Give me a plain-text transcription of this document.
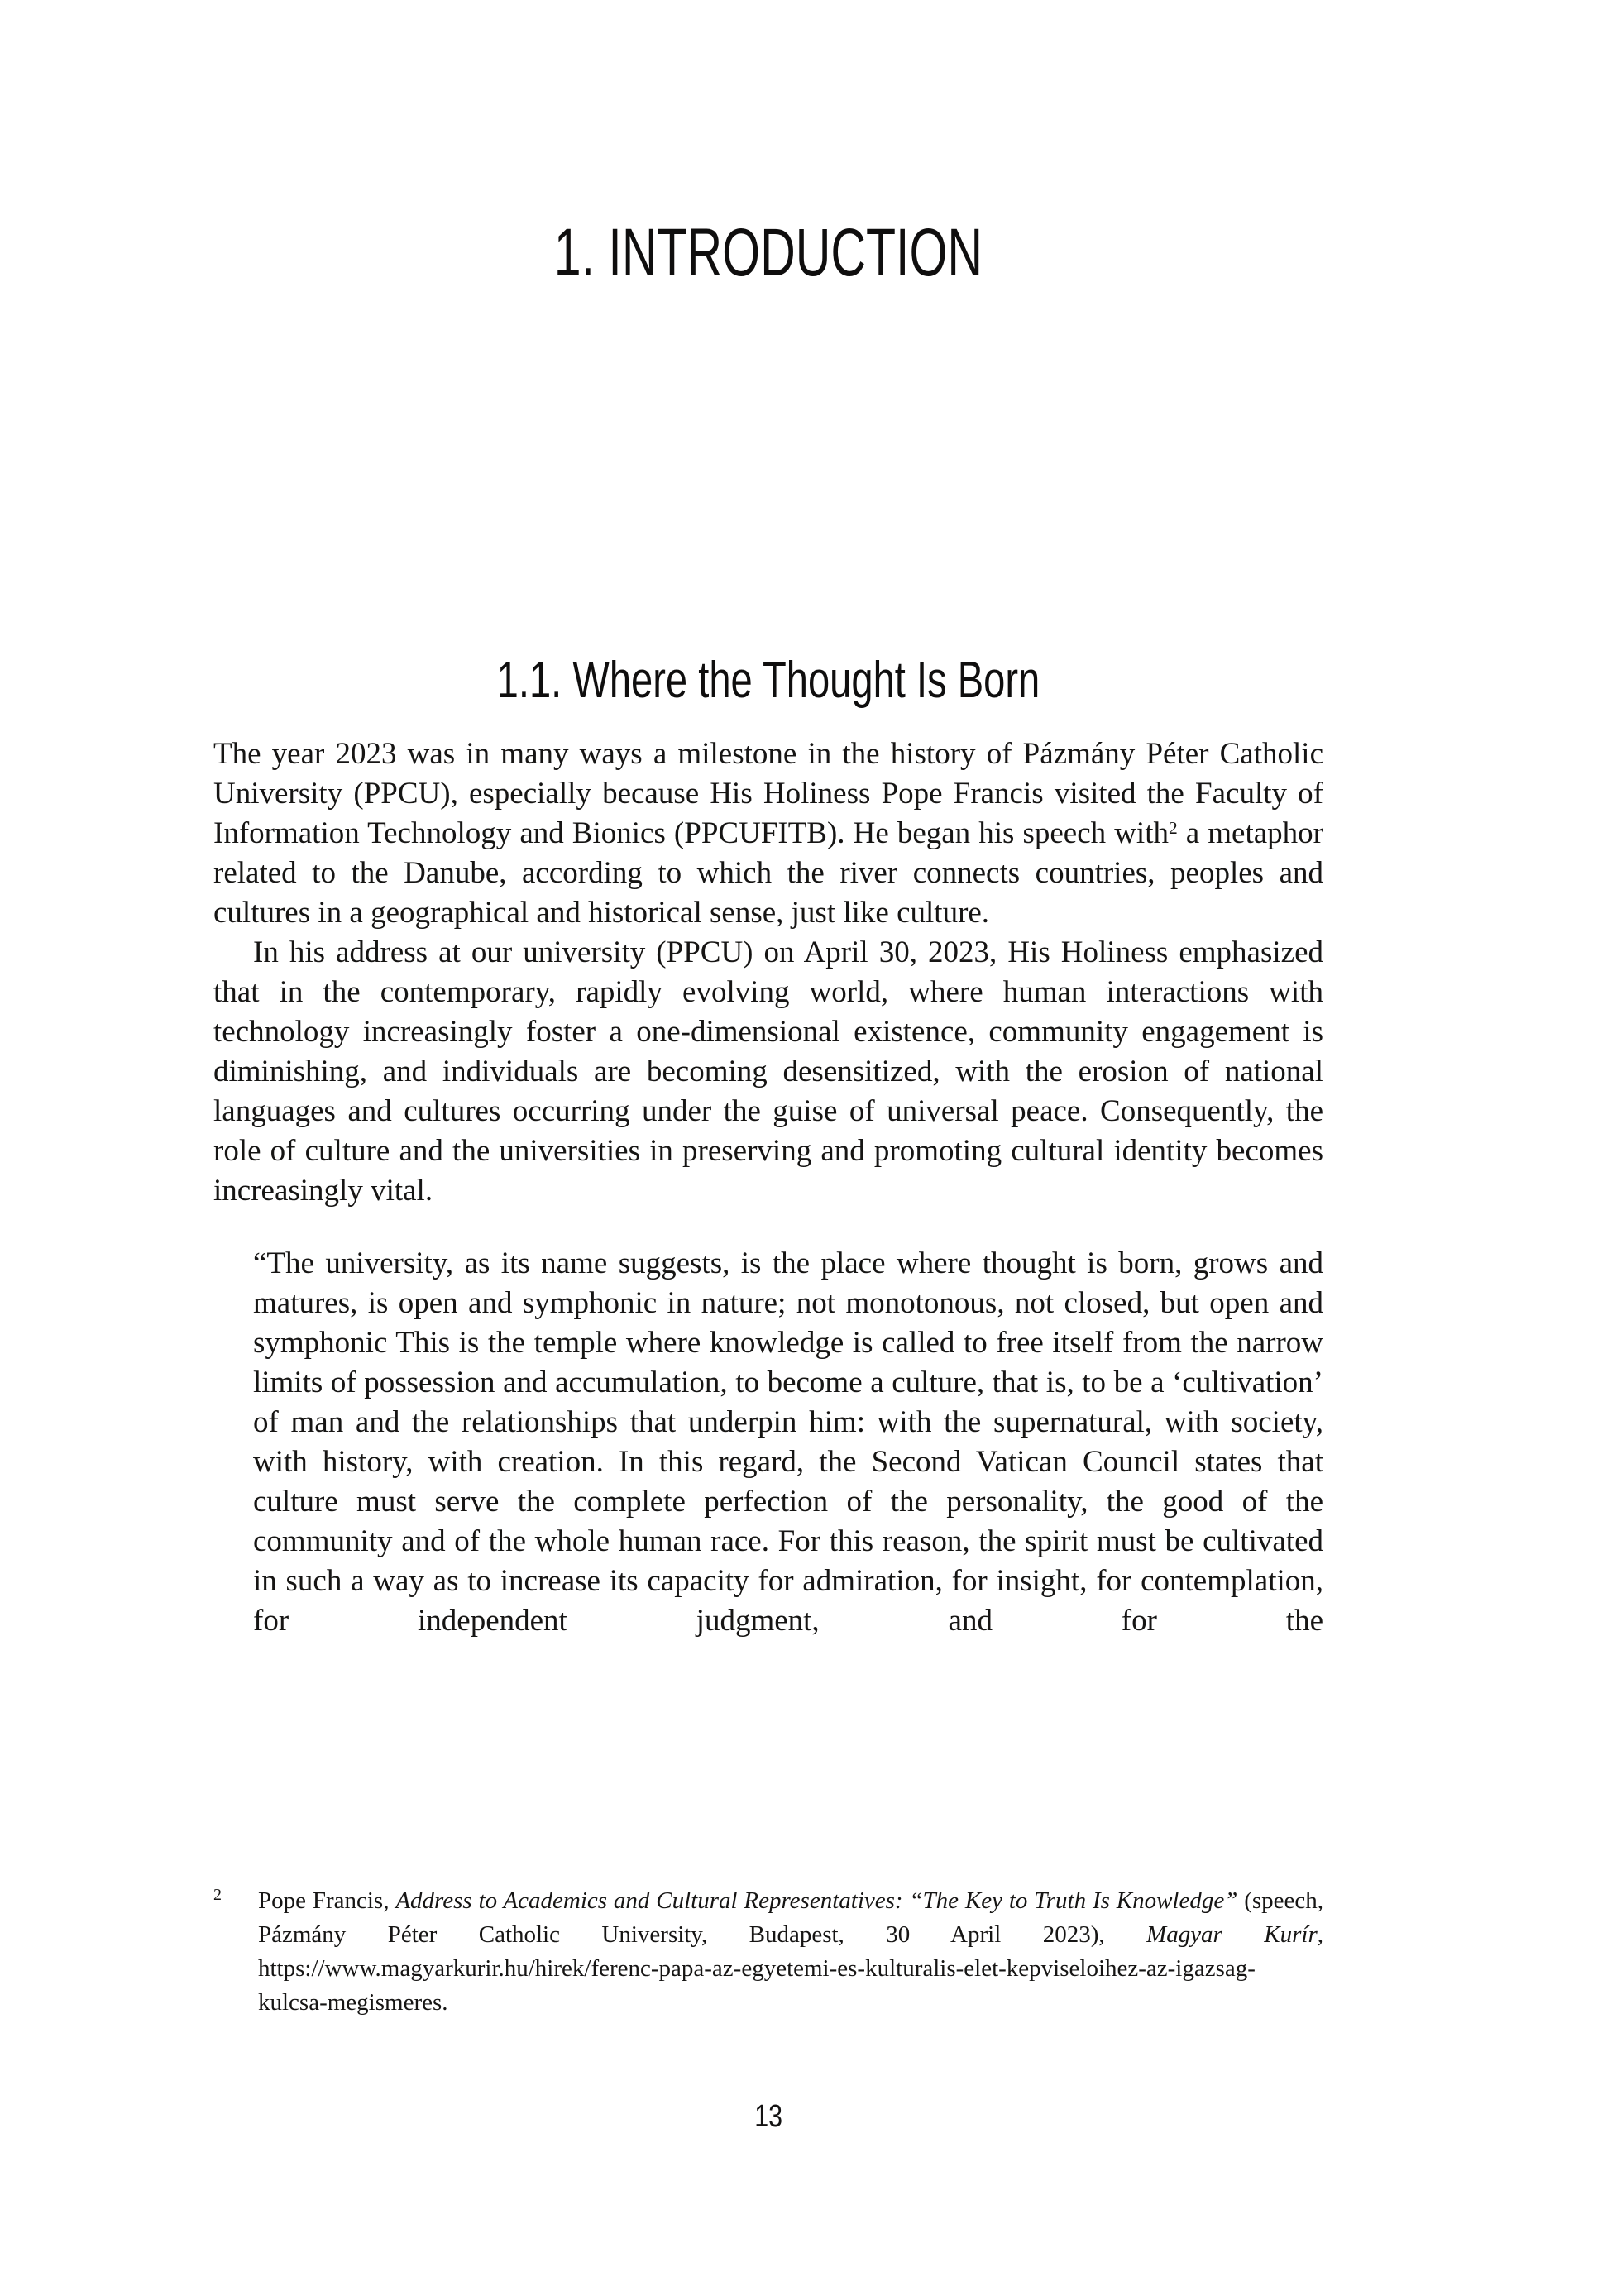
1. INTRODUCTION
1.1. Where the Thought Is Born

The year 2023 was in many ways a milestone in the history of Pázmány Péter Catholic University (PPCU), especially because His Holiness Pope Francis visited the Faculty of Information Technology and Bionics (PPCUFITB). He began his speech with$^2$ a metaphor related to the Danube, according to which the river connects countries, peoples and cultures in a geographical and historical sense, just like culture.

In his address at our university (PPCU) on April 30, 2023, His Holiness emphasized that in the contemporary, rapidly evolving world, where human interactions with technology increasingly foster a one-dimensional existence, community engagement is diminishing, and individuals are becoming desensitized, with the erosion of national languages and cultures occurring under the guise of universal peace. Consequently, the role of culture and the universities in preserving and promoting cultural identity becomes increasingly vital.

“The university, as its name suggests, is the place where thought is born, grows and matures, is open and symphonic in nature; not monotonous, not closed, but open and symphonic This is the temple where knowledge is called to free itself from the narrow limits of possession and accumulation, to become a culture, that is, to be a ‘cultivation’ of man and the relationships that underpin him: with the supernatural, with society, with history, with creation. In this regard, the Second Vatican Council states that culture must serve the complete perfection of the personality, the good of the community and of the whole human race. For this reason, the spirit must be cultivated in such a way as to increase its capacity for admiration, for insight, for contemplation, for independent judgment, and for the
2	Pope Francis, Address to Academics and Cultural Representatives: “The Key to Truth Is Knowledge” (speech, Pázmány Péter Catholic University, Budapest, 30 April 2023), Magyar Kurír, https://www.magyarkurir.hu/hirek/ferenc-papa-az-egyetemi-es-kulturalis-elet-kepviseloihez-az-igazsag-kulcsa-megismeres.

13
